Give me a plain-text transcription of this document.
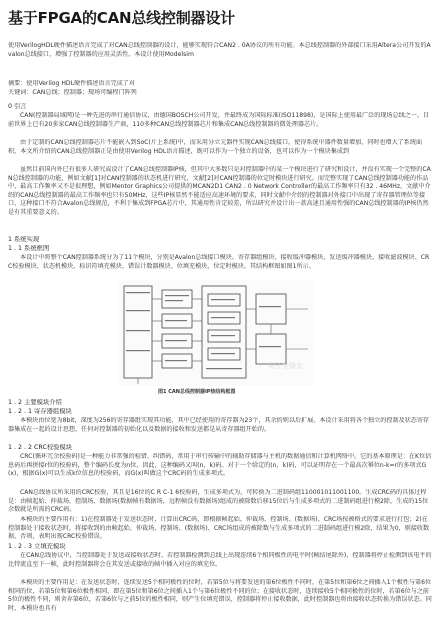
基于FPGA的CAN总线控制器设计
使用VerilogHDL硬件描述语言完成了对CAN总线控制器的设计，能够实现符合CAN2 . 0A协议的所有功能。本总线控制器的外部接口采用Altera公司开发的Avalon总线接口，增强了控制器的应用灵活性。本设计使用Modelsim
摘要：使用Verilog HDL硬件描述语言完成了对
关键词：CAN总线；控制器；现场可编程门阵列
0 引言
CAN(控制器局域网)是一种先进的串行通信协议，由德国BOSCH公司开发，并最终成为国际标准(ISO11898)，是国际上使用最广泛的现场总线之一。目前世界上已有20多家CAN总线控制器生产商，110多种CAN总线控制器芯片和集成CAN总线控制器的微处理器芯片。
由于定制的CAN总线控制器芯片不能嵌入到SoC(片上系统)中，而采用分立元器件实现CAN总线接口，使得系统中器件数量增加，同时也增大了系统面积，本文所介绍的CAN总线控制器正是由使用Verilog HDL语言描述，既可以作为一个独立的设备，也可以作为一个模块集成到
虽然目前国内外已有很多人研究或设计了CAN总线控制器IP核，但其中大多数只是对控制器中的某一个模块进行了研究和设计，并没有实现一个完整的CAN总线控制器的功能，例如文献[1]对CAN控制器的状态机进行研究，文献[2]对CAN控制器的位定时模块进行研究。而完整实现了CAN总线控制器功能的作品中，最高工作频率又不是很理想，例如Mentor Graphics公司提供的MCAN2D1 CAN2 . 0 Network Controller的最高工作频率只有32 . 46MHz，文献中介绍的CAN总线控制器的最高工作频率也只有50MHz，这些IP核显然不能适应高速环境的要求，同时文献中介绍的控制器对外接口中出现了寄存器管理位等接口，这种接口不符合Avalon总线规范，不利于集成到FPGA芯片中，其通用性肯定较差，所以研究并设计出一款高速且通用性强的CAN总线控制器的IP核仍然是有其重要意义的。
1 系统实现
1 . 1 系统框图
本设计中将整个CAN控制器系统分为了11个模块，分别是Avalon总线接口模块、寄存器组模块、接收缓冲器模块、发送缓冲器模块、接收滤波模块、CRC校验模块、状态机模块、标识符填充模块、错误计数器模块、位填充模块、位定时模块。其结构框图如图1所示。
电子发烧友
图1 CAN总线控制器IP核结构框图
1 . 2 主要模块介绍
1 . 2 . 1 寄存器组模块
本模块由位宽为8bit，深度为256的寄存器组实现其功能，其中已经使用的寄存器为23个，其余的则以后扩展。本设计采用将各个独立的控制及状态寄存器集成在一起的设计思想，任何对控制器的初始化以及数据的接收和发送都是从寄存器组开始的。
1 . 2 . 2 CRC校验模块
CRC(循环冗余校验码)是一种能力非常强的检错、纠错码，常用于串行传输中的辅助存储器与主机的数据通信和计算机网络中。它的基本原理是：在K位信息码后再拼接r位的校验码，整个编码长度为n位，因此，这种编码又叫(n，k)码。对于一个给定的(n，k)码，可以证明存在一个最高次幂位n-k=r的多项式G(x)，根据G(x)可以生成k位信息的校验码，而G(x)叫做这个CRC码的生成多项式。
CAN总线协议所采用的CRC校验，其且是16位的C R C-1 6校验码，生成多项式为，可转换为二进制码组110001011001100。生成CRC码的具体过程是：由帧起始、仲裁场、控制场、数据场(数据帧有数据场，远程帧没有数据场)组成的被除数后移15位后与生成多项式的二进制码组进行模2除，生成的15位余数就是所需的CRC码。
本模块的主要作用有：1)在控制器处于发送状态时，计算出CRC码，即根据帧起始、仲裁场、控制场、(数据场)、CRC场按被格式的要求进行打包；2)在控制器处于接收状态时，将接收到的由帧起始、仲裁场、控制场、(数据场)、CRC场组成的被除数与生成多项式的二进制码组进行模2除，结果为0，则接收数据，否则，表明出现CRC校验错误。
1 . 2 . 3 立填充模块
在CAN总线协议中，当控制器处于发送或接收状态时，若控制器检测到总线上出现连续6个相同极性的电平时(帧结尾除外)，控制器将停止检测到该电平的比特流直至下一帧，此时控制器将会在其发送或接收的帧中插入对应的填充位。
本模块的主要作用是：在发送状态时，连续发送5个相同极性的位时，若第5位与将要发送的第6位极性不同时，在第5位和第6位之间插入1个极性与第6位相同的位，若第5位和第6位极性相同，即在第5位和第6位之间插入1个与第6位极性不同的位；在接收状态时，连续接收5个相同极性的位时，若第6位与之前5位的极性不同，则舍弃第6位，若第6位与之前5位的极性相同，则产生位填充错误，控制器将停止接收数据，此时控制器也将由接收状态转换为错误状态。同时，本模块也具有
